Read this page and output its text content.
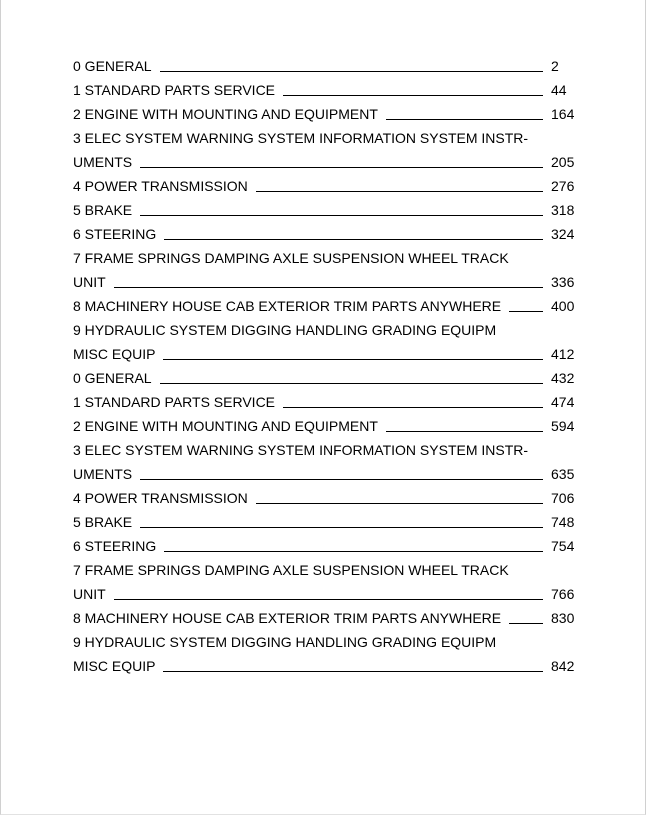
0 GENERAL	2
1 STANDARD PARTS SERVICE	44
2 ENGINE WITH MOUNTING AND EQUIPMENT	164
3 ELEC SYSTEM WARNING SYSTEM INFORMATION SYSTEM INSTR-
UMENTS	205
4 POWER TRANSMISSION	276
5 BRAKE	318
6 STEERING	324
7 FRAME SPRINGS DAMPING AXLE SUSPENSION WHEEL TRACK
UNIT	336
8 MACHINERY HOUSE CAB EXTERIOR TRIM PARTS ANYWHERE	400
9 HYDRAULIC SYSTEM DIGGING HANDLING GRADING EQUIPM
MISC EQUIP	412
0 GENERAL	432
1 STANDARD PARTS SERVICE	474
2 ENGINE WITH MOUNTING AND EQUIPMENT	594
3 ELEC SYSTEM WARNING SYSTEM INFORMATION SYSTEM INSTR-
UMENTS	635
4 POWER TRANSMISSION	706
5 BRAKE	748
6 STEERING	754
7 FRAME SPRINGS DAMPING AXLE SUSPENSION WHEEL TRACK
UNIT	766
8 MACHINERY HOUSE CAB EXTERIOR TRIM PARTS ANYWHERE	830
9 HYDRAULIC SYSTEM DIGGING HANDLING GRADING EQUIPM
MISC EQUIP	842
